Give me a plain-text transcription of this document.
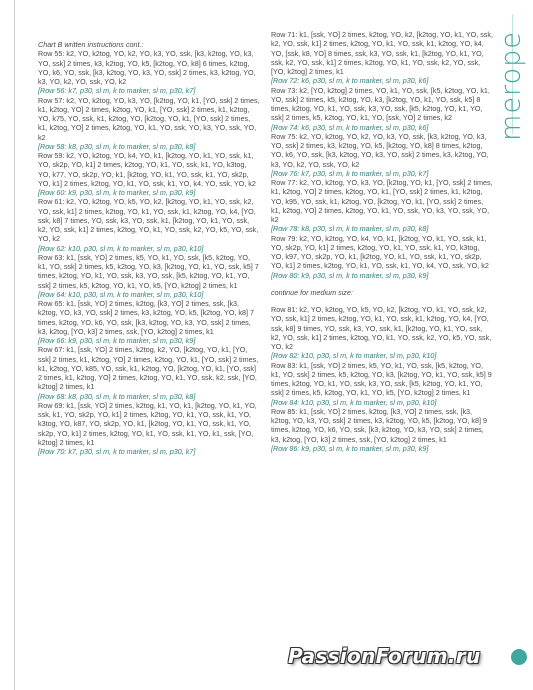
Chart B written instructions cont.:

Row 55: k2, YO, k2tog, YO, k2, YO, k3, YO, ssk, [k3, k2tog, YO, k3, YO, ssk] 2 times, k3, k2tog, YO, k5, [k2tog, YO, k8] 6 times, k2tog, YO, k6, YO, ssk, [k3, k2tog, YO, k3, YO, ssk] 2 times, k3, k2tog, YO, k3, YO, k2, YO, ssk, YO, k2

[Row 56: k7, p30, sl m, k to marker, sl m, p30, k7]

Row 57: k2, YO, k2tog, YO, k3, YO, [k2tog, YO, k1, [YO, ssk] 2 times, k1, k2tog, YO] 2 times, k2tog, YO, k1, [YO, ssk] 2 times, k1, k2tog, YO, k75, YO, ssk, k1, k2tog, YO, [k2tog, YO, k1, [YO, ssk] 2 times, k1, k2tog, YO] 2 times, k2tog, YO, k1, YO, ssk, YO, k3, YO, ssk, YO, k2

[Row 58: k8, p30, sl m, k to marker, sl m, p30, k8]

Row 59: k2, YO, k2tog, YO, k4, YO, k1, [k2tog, YO, k1, YO, ssk, k1, YO, sk2p, YO, k1] 2 times, k2tog, YO, k1, YO, ssk, k1, YO, k3tog, YO, k77, YO, sk2p, YO, k1, [k2tog, YO, k1, YO, ssk, k1, YO, sk2p, YO, k1] 2 times, k2tog, YO, k1, YO, ssk, k1, YO, k4, YO, ssk, YO, k2

[Row 60: k9, p30, sl m, k to marker, sl m, p30, k9]

Row 61: k2, YO, k2tog, YO, k5, YO, k2, [k2tog, YO, k1, YO, ssk, k2, YO, ssk, k1] 2 times, k2tog, YO, k1, YO, ssk, k1, k2tog, YO, k4, [YO, ssk, k8] 7 times, YO, ssk, k3, YO, ssk, k1, [k2tog, YO, k1, YO, ssk, k2, YO, ssk, k1] 2 times, k2tog, YO, k1, YO, ssk, k2, YO, k5, YO, ssk, YO, k2

[Row 62: k10, p30, sl m, k to marker, sl m, p30, k10]

Row 63: k1, [ssk, YO] 2 times, k5, YO, k1, YO, ssk, [k5, k2tog, YO, k1, YO, ssk] 2 times, k5, k2tog, YO, k3, [k2tog, YO, k1, YO, ssk, k5] 7 times, k2tog, YO, k1, YO, ssk, k3, YO, ssk, [k5, k2tog, YO, k1, YO, ssk] 2 times, k5, k2tog, YO, k1, YO, k5, [YO, k2tog] 2 times, k1

[Row 64: k10, p30, sl m, k to marker, sl m, p30, k10]

Row 65: k1, [ssk, YO] 2 times, k2tog, [k3, YO] 2 times, ssk, [k3, k2tog, YO, k3, YO, ssk] 2 times, k3, k2tog, YO, k5, [k2tog, YO, k8] 7 times, k2tog, YO, k6, YO, ssk, [k3, k2tog, YO, k3, YO, ssk] 2 times, k3, k2tog, [YO, k3] 2 times, ssk, [YO, k2tog] 2 times, k1

[Row 66: k9, p30, sl m, k to marker, sl m, p30, k9]

Row 67: k1, [ssk, YO] 2 times, k2tog, k2, YO, [k2tog, YO, k1, [YO, ssk] 2 times, k1, k2tog, YO] 2 times, k2tog, YO, k1, [YO, ssk] 2 times, k1, k2tog, YO, k85, YO, ssk, k1, k2tog, YO, [k2tog, YO, k1, [YO, ssk] 2 times, k1, k2tog, YO] 2 times, k2tog, YO, k1, YO, ssk, k2, ssk, [YO, k2tog] 2 times, k1

[Row 68: k8, p30, sl m, k to marker, sl m, p30, k8]

Row 69: k1, [ssk, YO] 2 times, k2tog, k1, YO, k1, [k2tog, YO, k1, YO, ssk, k1, YO, sk2p, YO, k1] 2 times, k2tog, YO, k1, YO, ssk, k1, YO, k3tog, YO, k87, YO, sk2p, YO, k1, [k2tog, YO, k1, YO, ssk, k1, YO, sk2p, YO, k1] 2 times, k2tog, YO, k1, YO, ssk, k1, YO, k1, ssk, [YO, k2tog] 2 times, k1

[Row 70: k7, p30, sl m, k to marker, sl m, p30, k7]

Row 71: k1, [ssk, YO] 2 times, k2tog, YO, k2, [k2tog, YO, k1, YO, ssk, k2, YO, ssk, k1] 2 times, k2tog, YO, k1, YO, ssk, k1, k2tog, YO, k4, YO, [ssk, k8, YO] 8 times, ssk, k3, YO, ssk, k1, [k2tog, YO, k1, YO, ssk, k2, YO, ssk, k1] 2 times, k2tog, YO, k1, YO, ssk, k2, YO, ssk, [YO, k2tog] 2 times, k1

[Row 72: k6, p30, sl m, k to marker, sl m, p30, k6]

Row 73: k2, [YO, k2tog] 2 times, YO, k1, YO, ssk, [k5, k2tog, YO, k1, YO, ssk] 2 times, k5, k2tog, YO, k3, [k2tog, YO, k1, YO, ssk, k5] 8 times, k2tog, YO, k1, YO, ssk, k3, YO, ssk, [k5, k2tog, YO, k1, YO, ssk] 2 times, k5, k2tog, YO, k1, YO, [ssk, YO] 2 times, k2

[Row 74: k6, p30, sl m, k to marker, sl m, p30, k6]

Row 75: k2, YO, k2tog, YO, k2, YO, k3, YO, ssk, [k3, k2tog, YO, k3, YO, ssk] 2 times, k3, k2tog, YO, k5, [k2tog, YO, k8] 8 times, k2tog, YO, k6, YO, ssk, [k3, k2tog, YO, k3, YO, ssk] 2 times, k3, k2tog, YO, k3, YO, k2, YO, ssk, YO, k2

[Row 76: k7, p30, sl m, k to marker, sl m, p30, k7]

Row 77: k2, YO, k2tog, YO, k3, YO, [k2tog, YO, k1, [YO, ssk] 2 times, k1, k2tog, YO] 2 times, k2tog, YO, k1, [YO, ssk] 2 times, k1, k2tog, YO, k95, YO, ssk, k1, k2tog, YO, [k2tog, YO, k1, [YO, ssk] 2 times, k1, k2tog, YO] 2 times, k2tog, YO, k1, YO, ssk, YO, k3, YO, ssk, YO, k2

[Row 78: k8, p30, sl m, k to marker, sl m, p30, k8]

Row 79: k2, YO, k2tog, YO, k4, YO, k1, [k2tog, YO, k1, YO, ssk, k1, YO, sk2p, YO, k1] 2 times, k2tog, YO, k1, YO, ssk, k1, YO, k3tog, YO, k97, YO, sk2p, YO, k1, [k2tog, YO, k1, YO, ssk, k1, YO, sk2p, YO, k1] 2 times, k2tog, YO, k1, YO, ssk, k1, YO, k4, YO, ssk, YO, k2

[Row 80: k9, p30, sl m, k to marker, sl m, p30, k9]

continue for medium size:

Row 81: k2, YO, k2tog, YO, k5, YO, k2, [k2tog, YO, k1, YO, ssk, k2, YO, ssk, k1] 2 times, k2tog, YO, k1, YO, ssk, k1, k2tog, YO, k4, [YO, ssk, k8] 9 times, YO, ssk, k3, YO, ssk, k1, [k2tog, YO, k1, YO, ssk, k2, YO, ssk, k1] 2 times, k2tog, YO, k1, YO, ssk, k2, YO, k5, YO, ssk, YO, k2

[Row 82: k10, p30, sl m, k to marker, sl m, p30, k10]

Row 83: k1, [ssk, YO] 2 times, k5, YO, k1, YO, ssk, [k5, k2tog, YO, k1, YO, ssk] 2 times, k5, k2tog, YO, k3, [k2tog, YO, k1, YO, ssk, k5] 9 times, k2tog, YO, k1, YO, ssk, k3, YO, ssk, [k5, k2tog, YO, k1, YO, ssk] 2 times, k5, k2tog, YO, k1, YO, k5, [YO, k2tog] 2 times, k1

[Row 84: k10, p30, sl m, k to marker, sl m, p30, k10]

Row 85: k1, [ssk, YO] 2 times, k2tog, [k3, YO] 2 times, ssk, [k3, k2tog, YO, k3, YO, ssk] 2 times, k3, k2tog, YO, k5, [k2tog, YO, k8] 9 times, k2tog, YO, k6, YO, ssk, [k3, k2tog, YO, k3, YO, ssk] 2 times, k3, k2tog, [YO, k3] 2 times, ssk, [YO, k2tog] 2 times, k1

[Row 86: k9, p30, sl m, k to marker, sl m, p30, k9]

merope
PassionForum.ru
